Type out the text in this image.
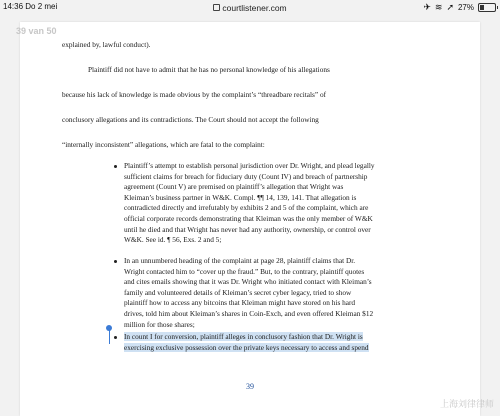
14:36 Do 2 mei	courtlistener.com	✈ ≋ ➚ 27%
explained by, lawful conduct).
Plaintiff did not have to admit that he has no personal knowledge of his allegations
because his lack of knowledge is made obvious by the complaint’s “threadbare recitals” of
conclusory allegations and its contradictions. The Court should not accept the following
“internally inconsistent” allegations, which are fatal to the complaint:
Plaintiff’s attempt to establish personal jurisdiction over Dr. Wright, and plead legally
sufficient claims for breach for fiduciary duty (Count IV) and breach of partnership
agreement (Count V) are premised on plaintiff’s allegation that Wright was
Kleiman’s business partner in W&K. Compl. ¶¶ 14, 139, 141. That allegation is
contradicted directly and irrefutably by exhibits 2 and 5 of the complaint, which are
official corporate records demonstrating that Kleiman was the only member of W&K
until he died and that Wright has never had any authority, ownership, or control over
W&K. See id. ¶ 56, Exs. 2 and 5;
In an unnumbered heading of the complaint at page 28, plaintiff claims that Dr.
Wright contacted him to “cover up the fraud.” But, to the contrary, plaintiff quotes
and cites emails showing that it was Dr. Wright who initiated contact with Kleiman’s
family and volunteered details of Kleiman’s secret cyber legacy, tried to show
plaintiff how to access any bitcoins that Kleiman might have stored on his hard
drives, told him about Kleiman’s shares in Coin-Exch, and even offered Kleiman $12
million for those shares;
In count I for conversion, plaintiff alleges in conclusory fashion that Dr. Wright is
exercising exclusive possession over the private keys necessary to access and spend
39
39 van 50
上海刘律律师
